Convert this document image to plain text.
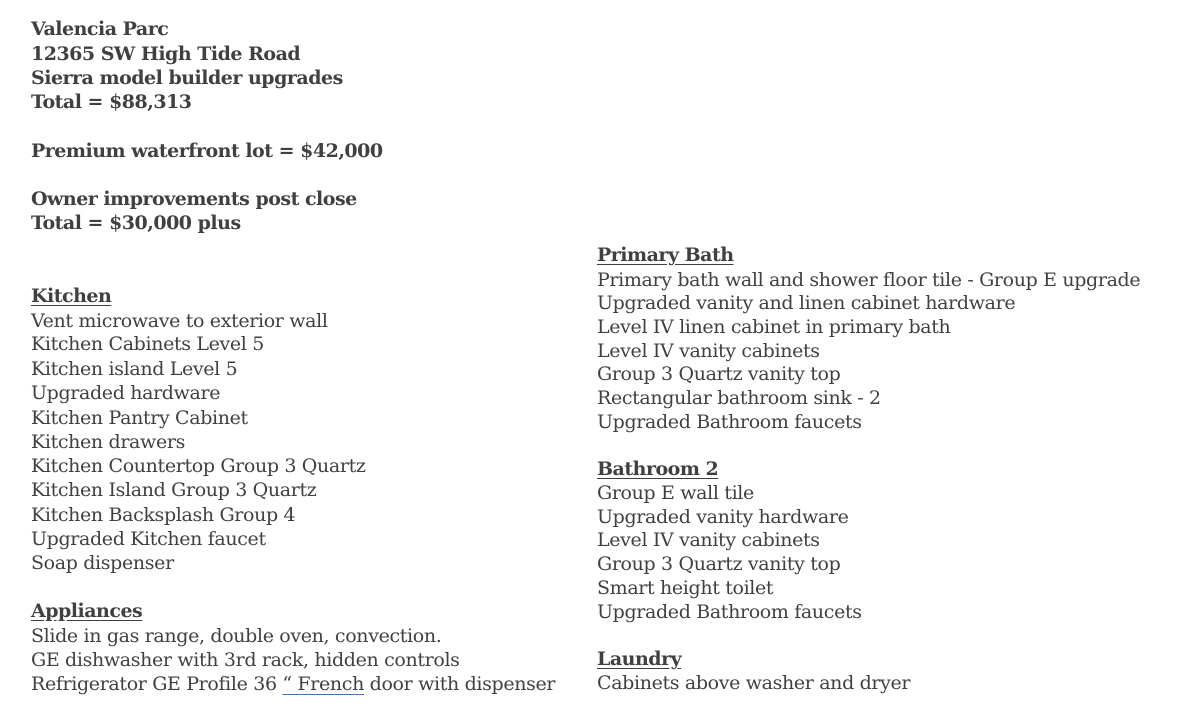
Valencia Parc
12365 SW High Tide Road
Sierra model builder upgrades
Total = $88,313
Premium waterfront lot = $42,000
Owner improvements post close
Total = $30,000 plus
Kitchen
Vent microwave to exterior wall
Kitchen Cabinets Level 5
Kitchen island Level 5
Upgraded hardware
Kitchen Pantry Cabinet
Kitchen drawers
Kitchen Countertop Group 3 Quartz
Kitchen Island Group 3 Quartz
Kitchen Backsplash Group 4
Upgraded Kitchen faucet
Soap dispenser
Appliances
Slide in gas range, double oven, convection.
GE dishwasher with 3rd rack, hidden controls
Refrigerator GE Profile 36 “ French door with dispenser
Primary Bath
Primary bath wall and shower floor tile - Group E upgrade
Upgraded vanity and linen cabinet hardware
Level IV linen cabinet in primary bath
Level IV vanity cabinets
Group 3 Quartz vanity top
Rectangular bathroom sink - 2
Upgraded Bathroom faucets
Bathroom 2
Group E wall tile
Upgraded vanity hardware
Level IV vanity cabinets
Group 3 Quartz vanity top
Smart height toilet
Upgraded Bathroom faucets
Laundry
Cabinets above washer and dryer
